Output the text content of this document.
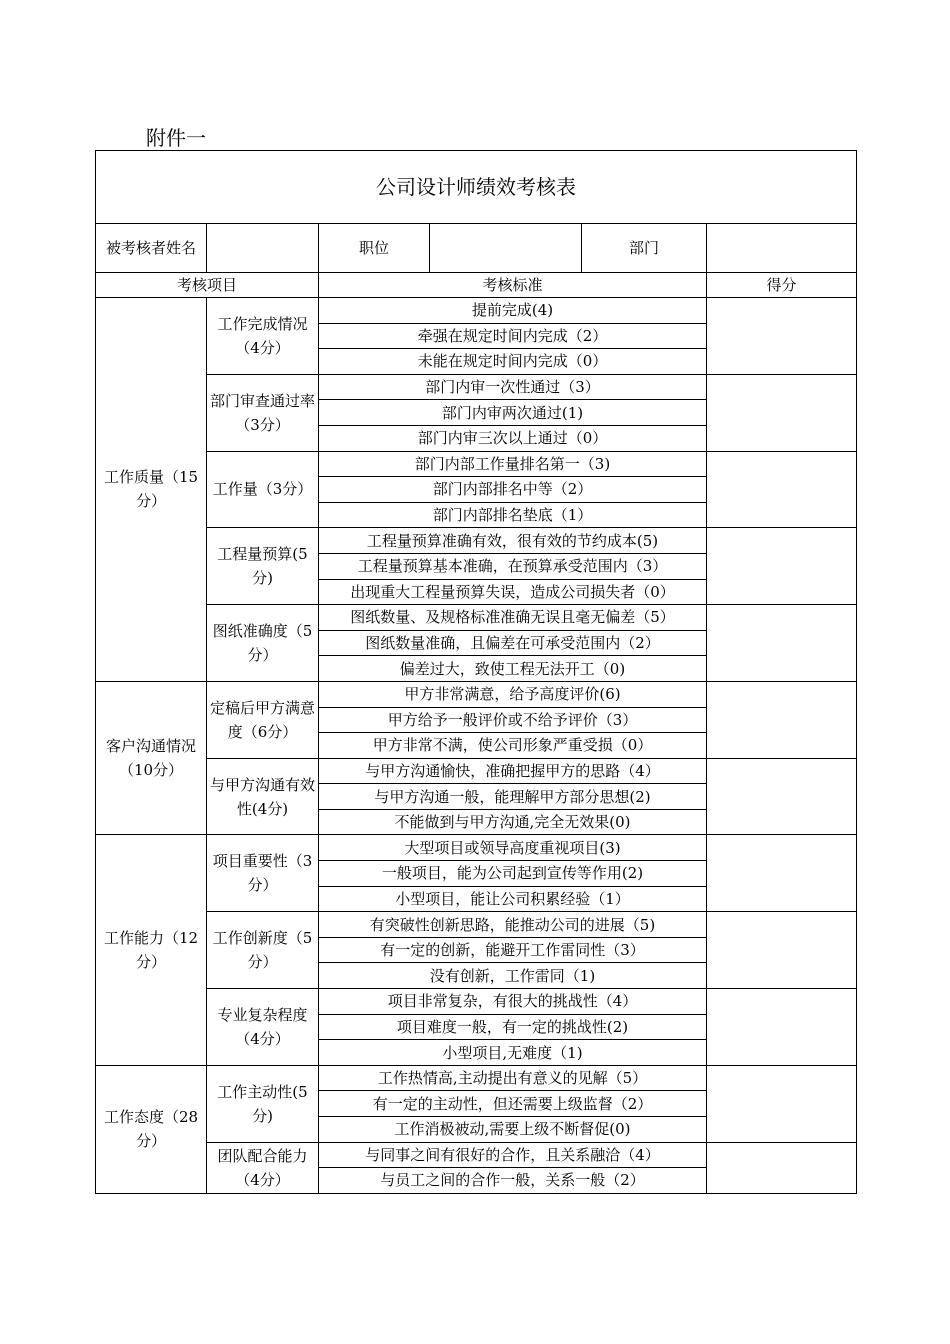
附件一
公司设计师绩效考核表					
被考核者姓名		职位		部门	
考核项目		考核标准			得分
工作质量（15分）	工作完成情况（4分）	提前完成(4)			
		牵强在规定时间内完成（2）			
		未能在规定时间内完成（0）			
	部门审查通过率（3分）	部门内审一次性通过（3）			
		部门内审两次通过(1)			
		部门内审三次以上通过（0）			
	工作量（3分）	部门内部工作量排名第一（3)			
		部门内部排名中等（2）			
		部门内部排名垫底（1）			
	工程量预算(5分)	工程量预算准确有效，很有效的节约成本(5)			
		工程量预算基本准确，在预算承受范围内（3）			
		出现重大工程量预算失误，造成公司损失者（0）			
	图纸准确度（5分）	图纸数量、及规格标准准确无误且毫无偏差（5）			
		图纸数量准确，且偏差在可承受范围内（2）			
		偏差过大，致使工程无法开工（0)			
客户沟通情况（10分）	定稿后甲方满意度（6分）	甲方非常满意，给予高度评价(6)			
		甲方给予一般评价或不给予评价（3）			
		甲方非常不满，使公司形象严重受损（0）			
	与甲方沟通有效性(4分)	与甲方沟通愉快，准确把握甲方的思路（4）			
		与甲方沟通一般，能理解甲方部分思想(2)			
		不能做到与甲方沟通,完全无效果(0)			
工作能力（12分）	项目重要性（3分）	大型项目或领导高度重视项目(3)			
		一般项目，能为公司起到宣传等作用(2)			
		小型项目，能让公司积累经验（1）			
	工作创新度（5分）	有突破性创新思路，能推动公司的进展（5)			
		有一定的创新，能避开工作雷同性（3）			
		没有创新，工作雷同（1)			
	专业复杂程度（4分）	项目非常复杂，有很大的挑战性（4）			
		项目难度一般，有一定的挑战性(2)			
		小型项目,无难度（1)			
工作态度（28分）	工作主动性(5分)	工作热情高,主动提出有意义的见解（5）			
		有一定的主动性，但还需要上级监督（2）			
		工作消极被动,需要上级不断督促(0)			
	团队配合能力（4分）	与同事之间有很好的合作，且关系融洽（4）			
		与员工之间的合作一般，关系一般（2）			
